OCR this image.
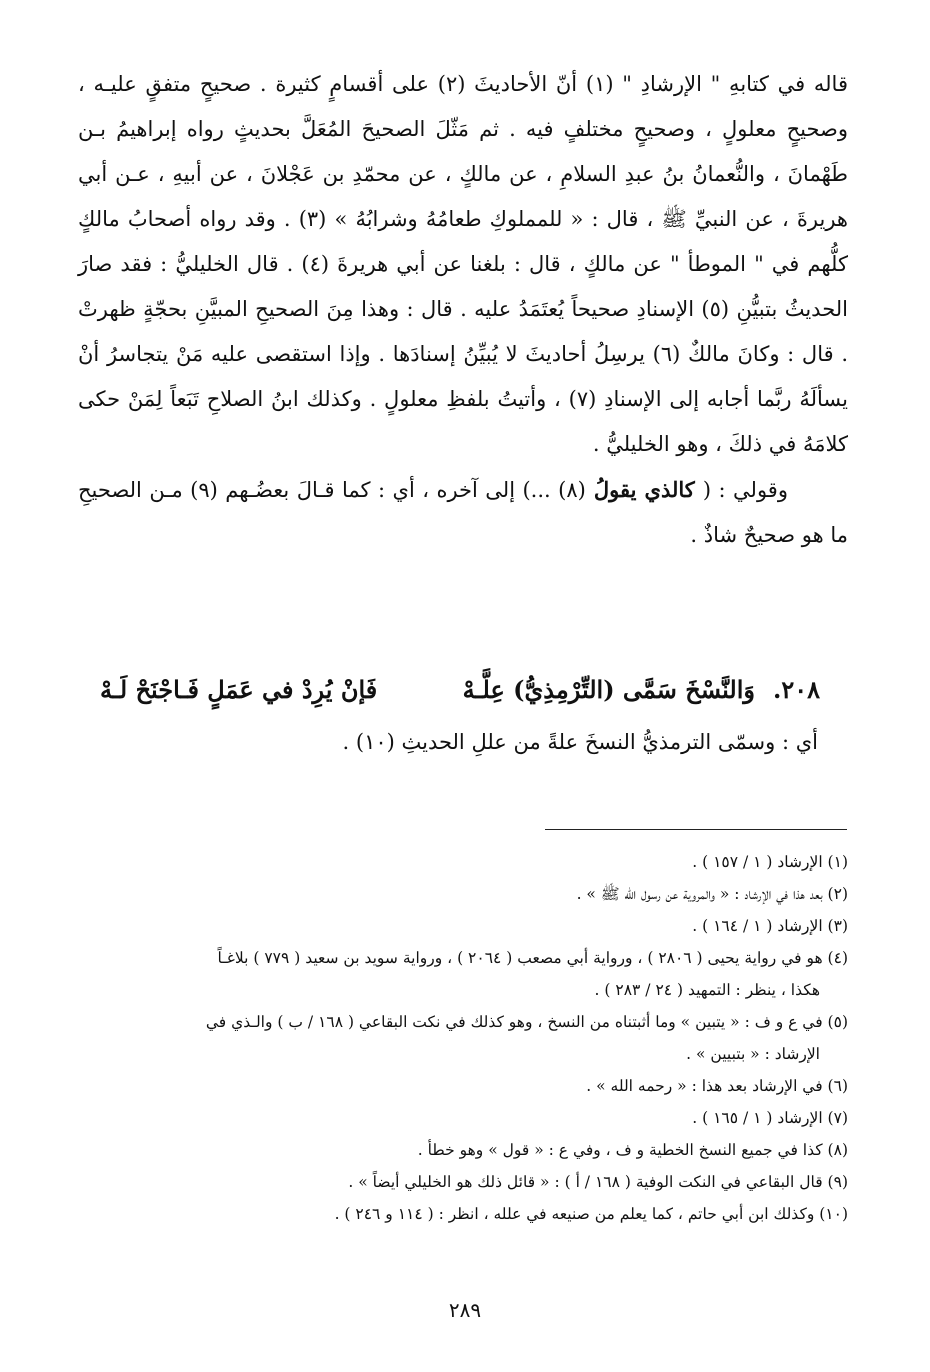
قاله في كتابهِ " الإرشادِ " (١) أنّ الأحاديثَ (٢) على أقسامٍ كثيرة . صحيحٍ متفقٍ عليـه ، وصحيحٍ معلولٍ ، وصحيحٍ مختلفٍ فيه . ثم مَثّلَ الصحيحَ المُعَلَّ بحديثٍ رواه إبراهيمُ بـن طَهْمانَ ، والنُّعمانُ بنُ عبدِ السلامِ ، عن مالكٍ ، عن محمّدِ بن عَجْلانَ ، عن أبيهِ ، عـن أبي هريرةَ ، عن النبيِّ ﷺ ، قال : « للمملوكِ طعامُهُ وشرابُهُ » (٣) . وقد رواه أصحابُ مالكٍ كلُّهم في " الموطأ " عن مالكٍ ، قال : بلغنا عن أبي هريرةَ (٤) . قال الخليليُّ : فقد صارَ الحديثُ بتبيُّنِ (٥) الإسنادِ صحيحاً يُعتَمَدُ عليه . قال : وهذا مِنَ الصحيحِ المبيَّنِ بحجّةٍ ظهرتْ . قال : وكانَ مالكٌ (٦) يرسِلُ أحاديثَ لا يُبيِّنُ إسنادَها . وإذا استقصى عليه مَنْ يتجاسرُ أنْ يسألَهُ ربَّما أجابه إلى الإسنادِ (٧) ، وأتيتُ بلفظِ معلولٍ . وكذلك ابنُ الصلاحِ تَبَعاً لِمَنْ حكى كلامَهُ في ذلكَ ، وهو الخليليُّ .

وقولي : ( كالذي يقولُ (٨) ...) إلى آخره ، أي : كما قـالَ بعضُـهم (٩) مـن الصحيحِ ما هو صحيحٌ شاذٌ .

٢٠٨.وَالنَّسْخَ سَمَّى (التِّرْمِذِيُّ) عِلَّـهْ
فَإنْ يُرِدْ في عَمَلٍ فَـاجْنَحْ لَـهْ
أي : وسمّى الترمذيُّ النسخَ علةً من عللِ الحديثِ (١٠) .

(١) الإرشاد ( ١ / ١٥٧ ) .

(٢) بعد هذا في الإرشاد : « والمروية عن رسول الله ﷺ » .

(٣) الإرشاد ( ١ / ١٦٤ ) .

(٤) هو في رواية يحيى ( ٢٨٠٦ ) ، ورواية أبي مصعب ( ٢٠٦٤ ) ، ورواية سويد بن سعيد ( ٧٧٩ ) بلاغـاً

هكذا ، ينظر : التمهيد ( ٢٤ / ٢٨٣ ) .

(٥) في ع و ف : « يتبين » وما أثبتناه من النسخ ، وهو كذلك في نكت البقاعي ( ١٦٨ / ب ) والـذي في

الإرشاد : « بتبيين » .

(٦) في الإرشاد بعد هذا : « رحمه الله » .

(٧) الإرشاد ( ١ / ١٦٥ ) .

(٨) كذا في جميع النسخ الخطية و ف ، وفي ع : « قول » وهو خطأ .

(٩) قال البقاعي في النكت الوفية ( ١٦٨ / أ ) : « قائل ذلك هو الخليلي أيضاً » .

(١٠) وكذلك ابن أبي حاتم ، كما يعلم من صنيعه في علله ، انظر : ( ١١٤ و ٢٤٦ ) .

٢٨٩
